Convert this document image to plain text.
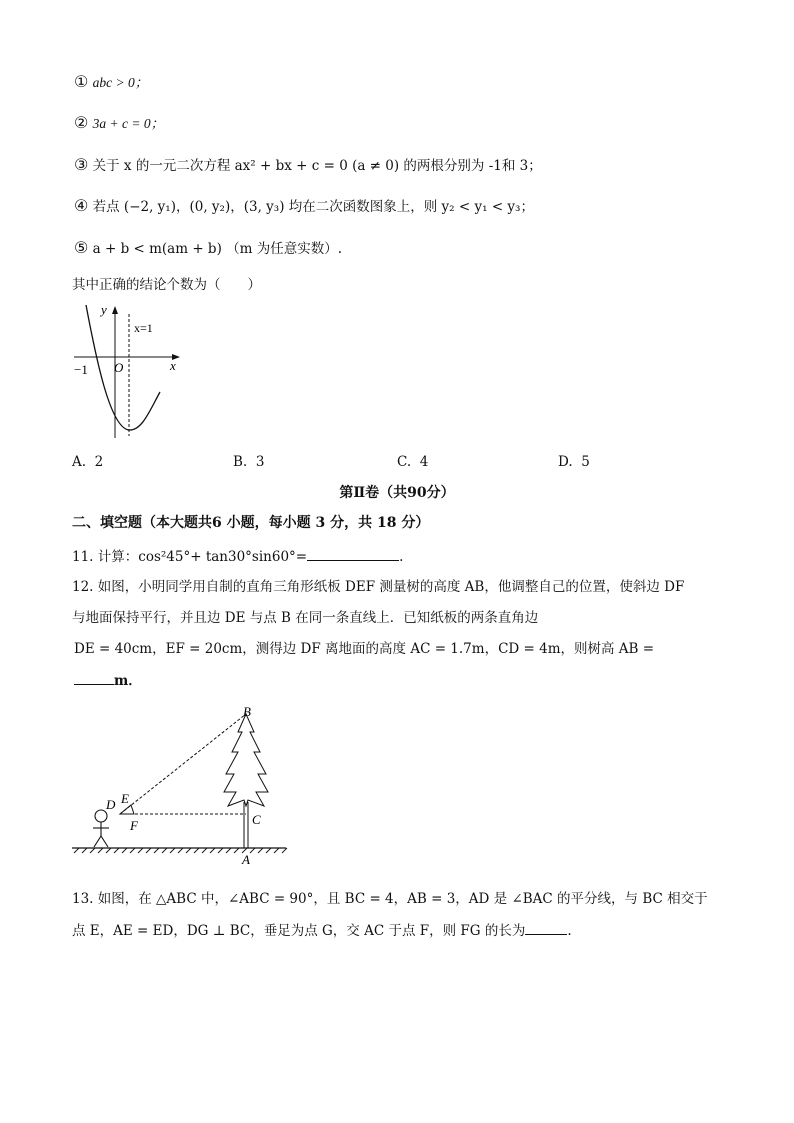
① abc > 0；
② 3a + c = 0；
③ 关于 x 的一元二次方程 ax² + bx + c = 0 (a ≠ 0) 的两根分别为 -1和 3；
④ 若点 (−2, y₁)，(0, y₂)，(3, y₃) 均在二次函数图象上，则 y₂ < y₁ < y₃；
⑤ a + b < m(am + b) （m 为任意实数）.
其中正确的结论个数为（　　）
y
x
x=1
−1 O
A. 2	B. 3	C. 4	D. 5
第Ⅱ卷（共90分）
二、填空题（本大题共6 小题，每小题 3 分，共 18 分）
11. 计算：cos²45°+ tan30°sin60°=	.
12. 如图，小明同学用自制的直角三角形纸板 DEF 测量树的高度 AB，他调整自己的位置，使斜边 DF
与地面保持平行，并且边 DE 与点 B 在同一条直线上．已知纸板的两条直角边
DE = 40cm，EF = 20cm，测得边 DF 离地面的高度 AC = 1.7m，CD = 4m，则树高 AB =
m．
B
E
D
F	C
A
13. 如图，在 △ABC 中，∠ABC = 90°，且 BC = 4，AB = 3，AD 是 ∠BAC 的平分线，与 BC 相交于
点 E，AE = ED，DG ⊥ BC，垂足为点 G，交 AC 于点 F，则 FG 的长为	.
